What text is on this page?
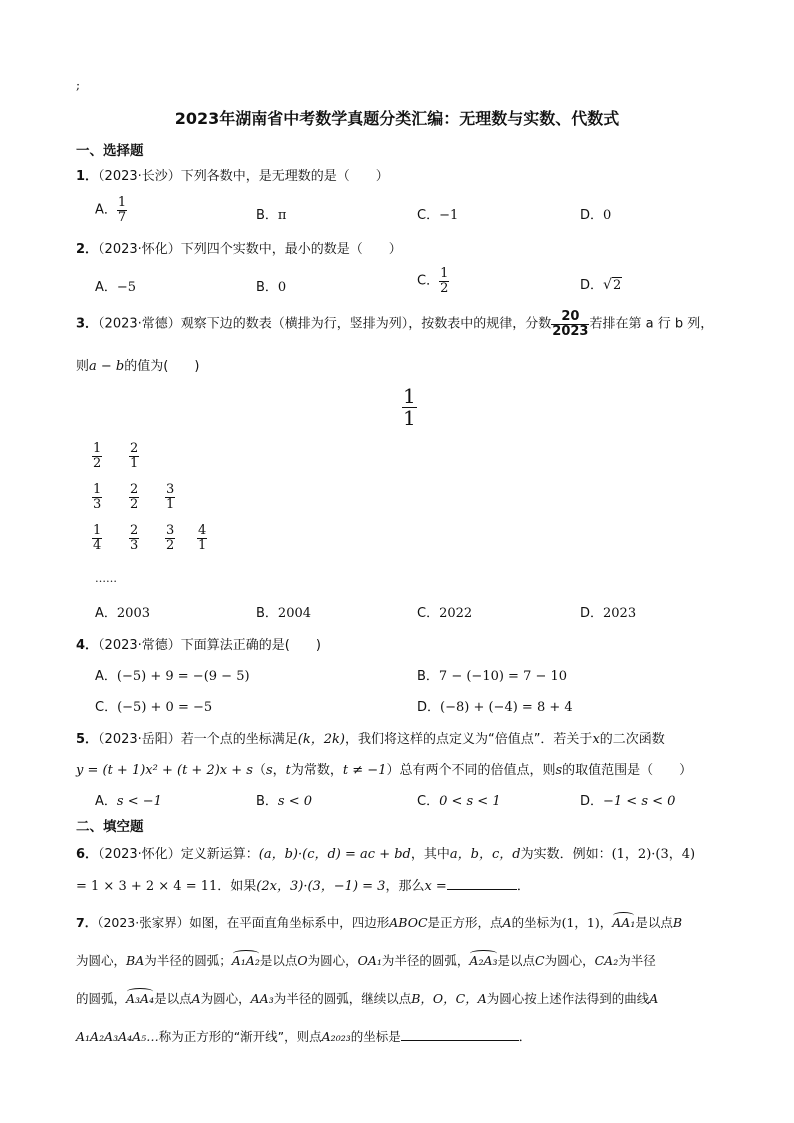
;
2023年湖南省中考数学真题分类汇编：无理数与实数、代数式
一、选择题
1．（2023·长沙）下列各数中，是无理数的是（　　）
A． $\frac{1}{7}$	B．π	C．−1	D．0
2．（2023·怀化）下列四个实数中，最小的数是（　　）
A．−5	B．0	C． $\frac{1}{2}$	D．√2
3．（2023·常德）观察下边的数表（横排为行，竖排为列），按数表中的规律，分数 $\frac{20}{2023}$ 若排在第 a 行 b 列，
则a − b的值为(　　)
$\frac{1}{1}$
$\frac{1}{2} \frac{2}{1}$
$\frac{1}{3} \frac{2}{2} \frac{3}{1}$
$\frac{1}{4} \frac{2}{3} \frac{3}{2} \frac{4}{1}$
……
A．2003	B．2004	C．2022	D．2023
4．（2023·常德）下面算法正确的是(　　)
A．(−5) + 9 = −(9 − 5)	B．7 − (−10) = 7 − 10
C．(−5) + 0 = −5	D．(−8) + (−4) = 8 + 4
5．（2023·岳阳）若一个点的坐标满足(k，2k)，我们将这样的点定义为“倍值点”．若关于x的二次函数
y = (t + 1)x² + (t + 2)x + s（s，t为常数，t ≠ −1）总有两个不同的倍值点，则s的取值范围是（　　）
A．s < −1	B．s < 0	C．0 < s < 1	D．−1 < s < 0
二、填空题
6．（2023·怀化）定义新运算：(a，b)·(c，d) = ac + bd，其中a，b，c，d为实数．例如：(1，2)·(3，4)
= 1 × 3 + 2 × 4 = 11．如果(2x，3)·(3，−1) = 3，那么x =	．
7．（2023·张家界）如图，在平面直角坐标系中，四边形ABOC是正方形，点A的坐标为(1，1)，AA₁是以点B
为圆心，BA为半径的圆弧；A₁A₂是以点O为圆心，OA₁为半径的圆弧，A₂A₃是以点C为圆心，CA₂为半径
的圆弧，A₃A₄是以点A为圆心，AA₃为半径的圆弧，继续以点B，O，C，A为圆心按上述作法得到的曲线A
A₁A₂A₃A₄A₅…称为正方形的“渐开线”，则点A₂₀₂₃的坐标是	．
